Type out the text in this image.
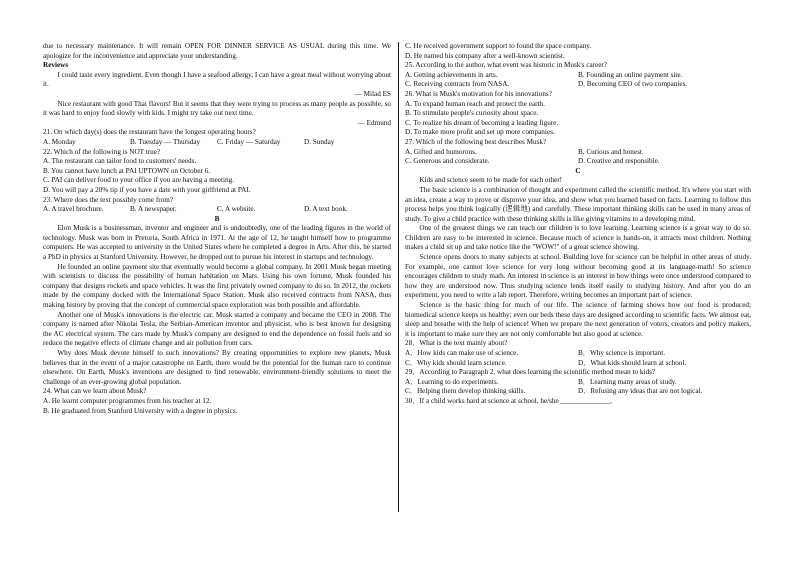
due to necessary maintenance. It will remain OPEN FOR DINNER SERVICE AS USUAL during this time. We apologize for the inconvenience and appreciate your understanding.

Reviews

I could taste every ingredient. Even though I have a seafood allergy, I can have a great meal without worrying about it.

— Milad ES

Nice restaurant with good Thai flavors! But it seems that they were trying to process as many people as possible, so it was hard to enjoy food slowly with kids. I might try take out next time.

— Edmund

21. On which day(s) does the restaurant have the longest operating hours?

A. Monday	B. Tuesday — Thursday	C. Friday — Saturday	D. Sunday

22. Which of the following is NOT true?

A. The restaurant can tailor food to customers' needs.

B. You cannot have lunch at PAI UPTOWN on October 6.

C. PAI can deliver food to your office if you are having a meeting.

D. You will pay a 20% tip if you have a date with your girlfriend at PAI.

23. Where does the text possibly come from?

A. A travel brochure.	B. A newspaper.	C. A website.	D. A text book.

B

Elon Musk is a businessman, inventor and engineer and is undoubtedly, one of the leading figures in the world of technology. Musk was born in Pretoria, South Africa in 1971. At the age of 12, he taught himself how to programme computers. He was accepted to university in the United States where he completed a degree in Arts. After this, he started a PhD in physics at Stanford University. However, he dropped out to pursue his interest in startups and technology.

He founded an online payment site that eventually would become a global company. In 2001 Musk began meeting with scientists to discuss the possibility of human habitation on Mars. Using his own fortune, Musk founded his company that designs rockets and space vehicles. It was the first privately owned company to do so. In 2012, the rockets made by the company docked with the International Space Station. Musk also received contracts from NASA, thus making history by proving that the concept of commercial space exploration was both possible and affordable.

Another one of Musk's innovations is the electric car. Musk started a company and became the CEO in 2008. The company is named after Nikolai Tesla, the Serbian-American inventor and physicist, who is best known for designing the AC electrical system. The cars made by Musk's company are designed to end the dependence on fossil fuels and so reduce the negative effects of climate change and air pollution from cars.

Why does Musk devote himself to such innovations? By creating opportunities to explore new planets, Musk believes that in the event of a major catastrophe on Earth, there would be the potential for the human race to continue elsewhere. On Earth, Musk's inventions are designed to find renewable, environment-friendly solutions to meet the challenge of an ever-growing global population.

24. What can we learn about Musk?

A. He learnt computer programmes from his teacher at 12.

B. He graduated from Stanford University with a degree in physics.

C. He received government support to found the space company.

D. He named his company after a well-known scientist.

25. According to the author, what event was historic in Musk's career?

A. Getting achievements in arts.	B. Founding an online payment site.
C. Receiving contracts from NASA.	D. Becoming CEO of two companies.

26. What is Musk's motivation for his innovations?

A. To expand human reach and protect the earth.

B. To stimulate people's curiosity about space.

C. To realize his dream of becoming a leading figure.

D. To make more profit and set up more companies.

27. Which of the following best describes Musk?

A. Gifted and humorous.	B. Curious and honest.
C. Generous and considerate.	D. Creative and responsible.

C

Kids and science seem to be made for each other!

The basic science is a combination of thought and experiment called the scientific method. It's where you start with an idea, create a way to prove or disprove your idea, and show what you learned based on facts. Learning to follow this process helps you think logically (逻辑地) and carefully. These important thinking skills can be used in many areas of study. To give a child practice with these thinking skills is like giving vitamins to a developing mind.

One of the greatest things we can teach our children is to love learning. Learning science is a great way to do so. Children are easy to be interested in science. Because much of science is hands-on, it attracts most children. Nothing makes a child sit up and take notice like the "WOW!" of a great science showing.

Science opens doors to many subjects at school. Building love for science can be helpful in other areas of study. For example, one cannot love science for very long without becoming good at its language-math! So science encourages children to study math. An interest in science is an interest in how things were once understood compared to how they are understood now. Thus studying science lends itself easily to studying history. And after you do an experiment, you need to write a lab report. Therefore, writing becomes an important part of science.

Science is the basic thing for much of our life. The science of farming shows how our food is produced; biomedical science keeps us healthy; even our beds these days are designed according to scientific facts. We almost eat, sleep and breathe with the help of science! When we prepare the next generation of voters, creators and policy makers, it is important to make sure they are not only comfortable but also good at science.

28．What is the text mainly about?

A．How kids can make use of science.	B．Why science is important.
C．Why kids should learn science.	D．What kids should learn at school.

29．According to Paragraph 2, what does learning the scientific method mean to kids?

A．Learning to do experiments.	B．Learning many areas of study.
C．Helping them develop thinking skills.	D．Refusing any ideas that are not logical.

30．If a child works hard at science at school, he/she ______________.
